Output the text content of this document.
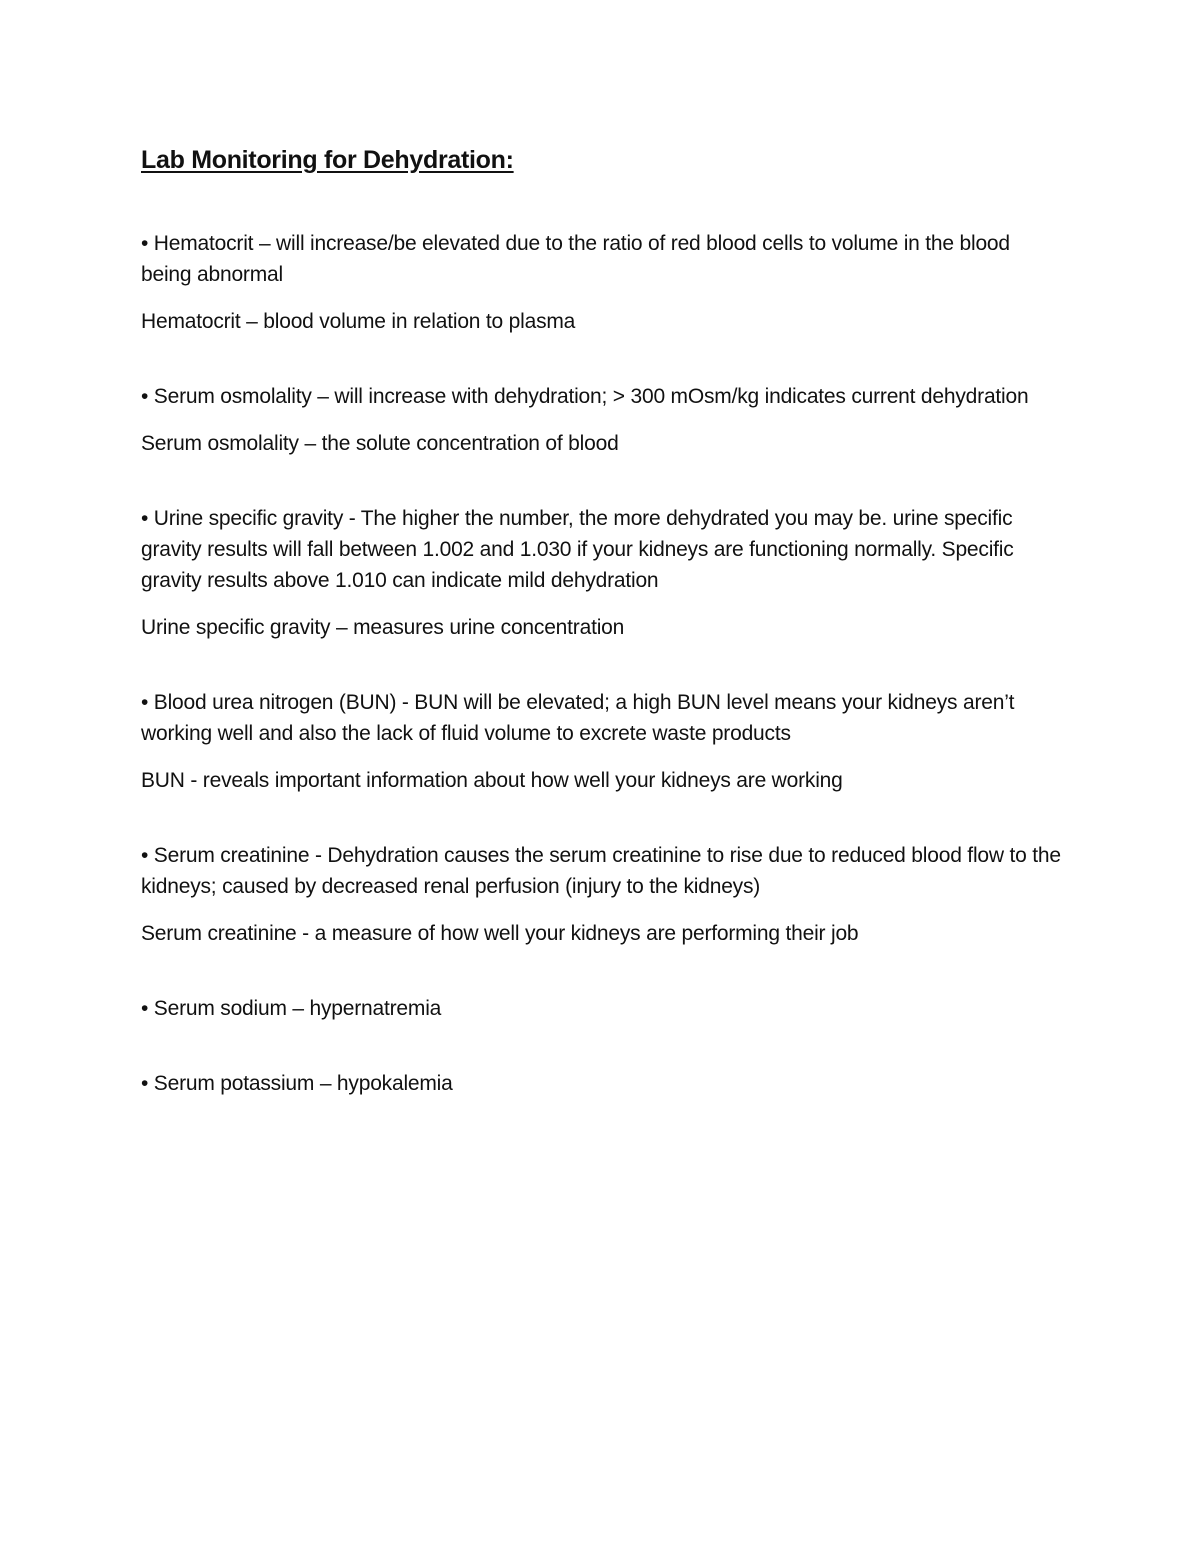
Lab Monitoring for Dehydration:

• Hematocrit – will increase/be elevated due to the ratio of red blood cells to volume in the blood being abnormal

Hematocrit – blood volume in relation to plasma

• Serum osmolality – will increase with dehydration; > 300 mOsm/kg indicates current dehydration

Serum osmolality – the solute concentration of blood

• Urine specific gravity - The higher the number, the more dehydrated you may be. urine specific gravity results will fall between 1.002 and 1.030 if your kidneys are functioning normally. Specific gravity results above 1.010 can indicate mild dehydration

Urine specific gravity – measures urine concentration

• Blood urea nitrogen (BUN) - BUN will be elevated; a high BUN level means your kidneys aren’t working well and also the lack of fluid volume to excrete waste products

BUN - reveals important information about how well your kidneys are working

• Serum creatinine - Dehydration causes the serum creatinine to rise due to reduced blood flow to the kidneys; caused by decreased renal perfusion (injury to the kidneys)

Serum creatinine - a measure of how well your kidneys are performing their job

• Serum sodium – hypernatremia

• Serum potassium – hypokalemia
